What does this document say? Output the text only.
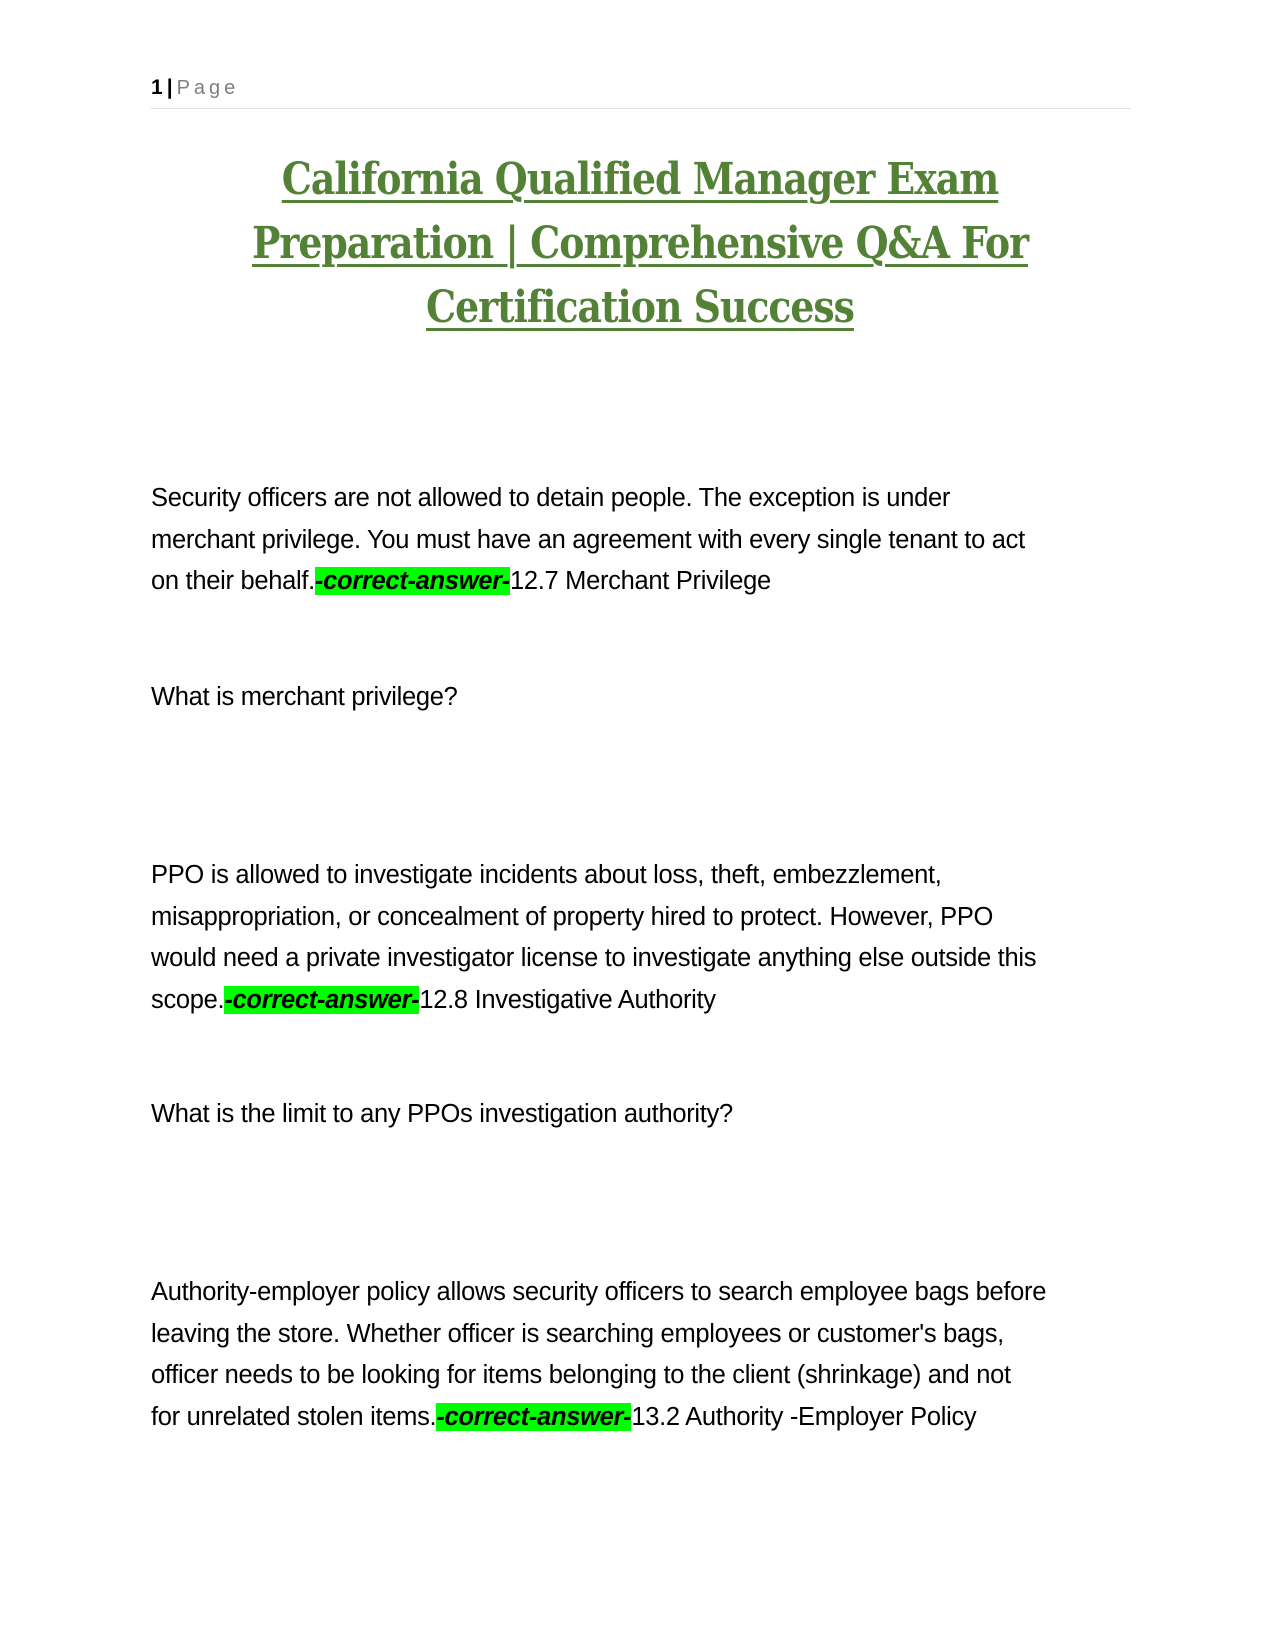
1 | Page
California Qualified Manager Exam
Preparation | Comprehensive Q&A For
Certification Success
Security officers are not allowed to detain people. The exception is under
merchant privilege. You must have an agreement with every single tenant to act
on their behalf.-correct-answer-12.7 Merchant Privilege
What is merchant privilege?
PPO is allowed to investigate incidents about loss, theft, embezzlement,
misappropriation, or concealment of property hired to protect. However, PPO
would need a private investigator license to investigate anything else outside this
scope.-correct-answer-12.8 Investigative Authority
What is the limit to any PPOs investigation authority?
Authority-employer policy allows security officers to search employee bags before
leaving the store. Whether officer is searching employees or customer's bags,
officer needs to be looking for items belonging to the client (shrinkage) and not
for unrelated stolen items.-correct-answer-13.2 Authority -Employer Policy
